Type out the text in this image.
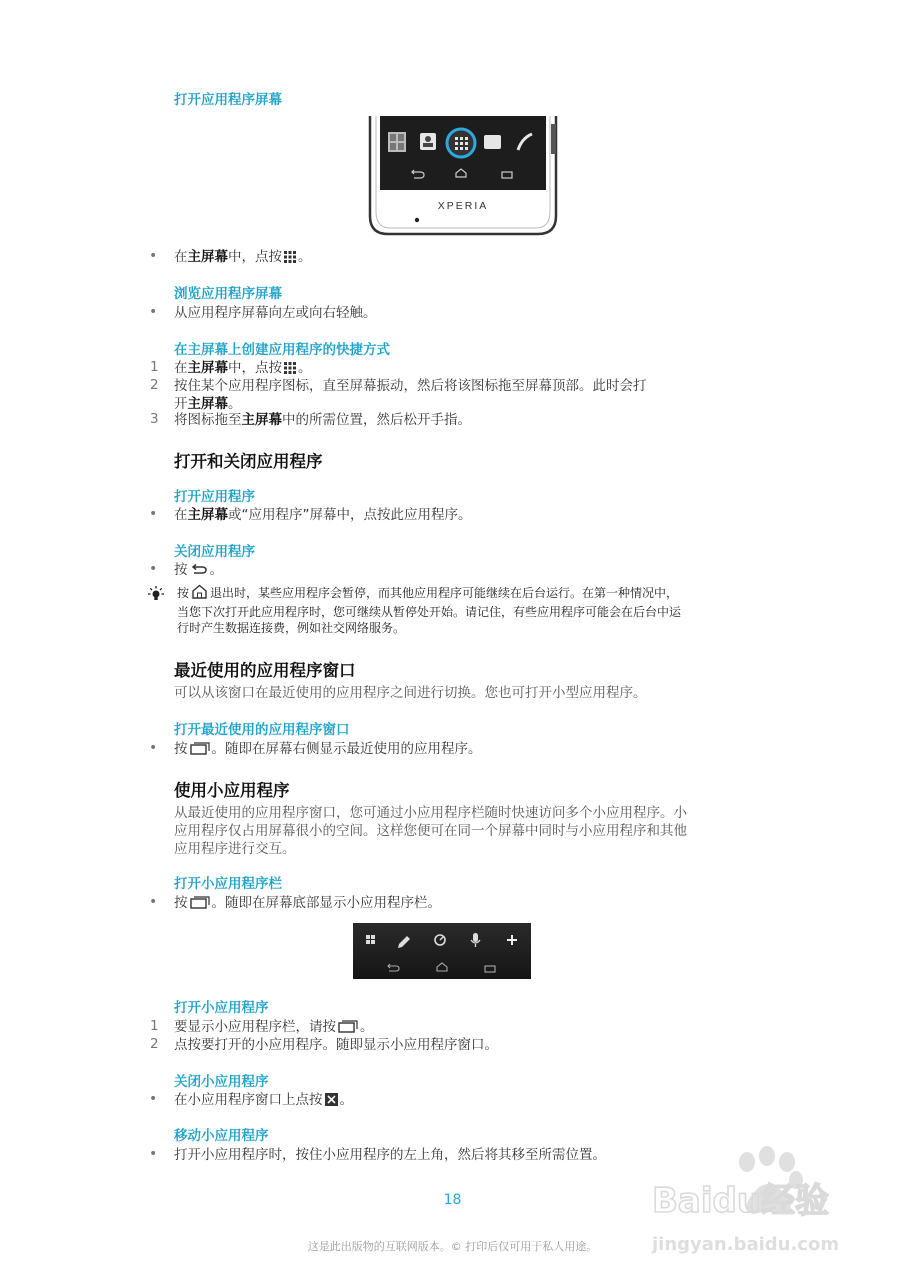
打开应用程序屏幕
XPERIA
• 在主屏幕中，点按 。
浏览应用程序屏幕
• 从应用程序屏幕向左或向右轻触。
在主屏幕上创建应用程序的快捷方式
1 在主屏幕中，点按 。
2 按住某个应用程序图标，直至屏幕振动，然后将该图标拖至屏幕顶部。此时会打
开主屏幕。
3 将图标拖至主屏幕中的所需位置，然后松开手指。
打开和关闭应用程序
打开应用程序
• 在主屏幕或“应用程序”屏幕中，点按此应用程序。
关闭应用程序
• 按 。
按 退出时，某些应用程序会暂停，而其他应用程序可能继续在后台运行。在第一种情况中，
当您下次打开此应用程序时，您可继续从暂停处开始。请记住，有些应用程序可能会在后台中运
行时产生数据连接费，例如社交网络服务。
最近使用的应用程序窗口
可以从该窗口在最近使用的应用程序之间进行切换。您也可打开小型应用程序。
打开最近使用的应用程序窗口
• 按 。随即在屏幕右侧显示最近使用的应用程序。
使用小应用程序
从最近使用的应用程序窗口，您可通过小应用程序栏随时快速访问多个小应用程序。小
应用程序仅占用屏幕很小的空间。这样您便可在同一个屏幕中同时与小应用程序和其他
应用程序进行交互。
打开小应用程序栏
• 按 。随即在屏幕底部显示小应用程序栏。
打开小应用程序
1 要显示小应用程序栏，请按 。
2 点按要打开的小应用程序。随即显示小应用程序窗口。
关闭小应用程序
• 在小应用程序窗口上点按 。
移动小应用程序
• 打开小应用程序时，按住小应用程序的左上角，然后将其移至所需位置。
18
这是此出版物的互联网版本。© 打印后仅可用于私人用途。
Baidu经验
jingyan.baidu.com
